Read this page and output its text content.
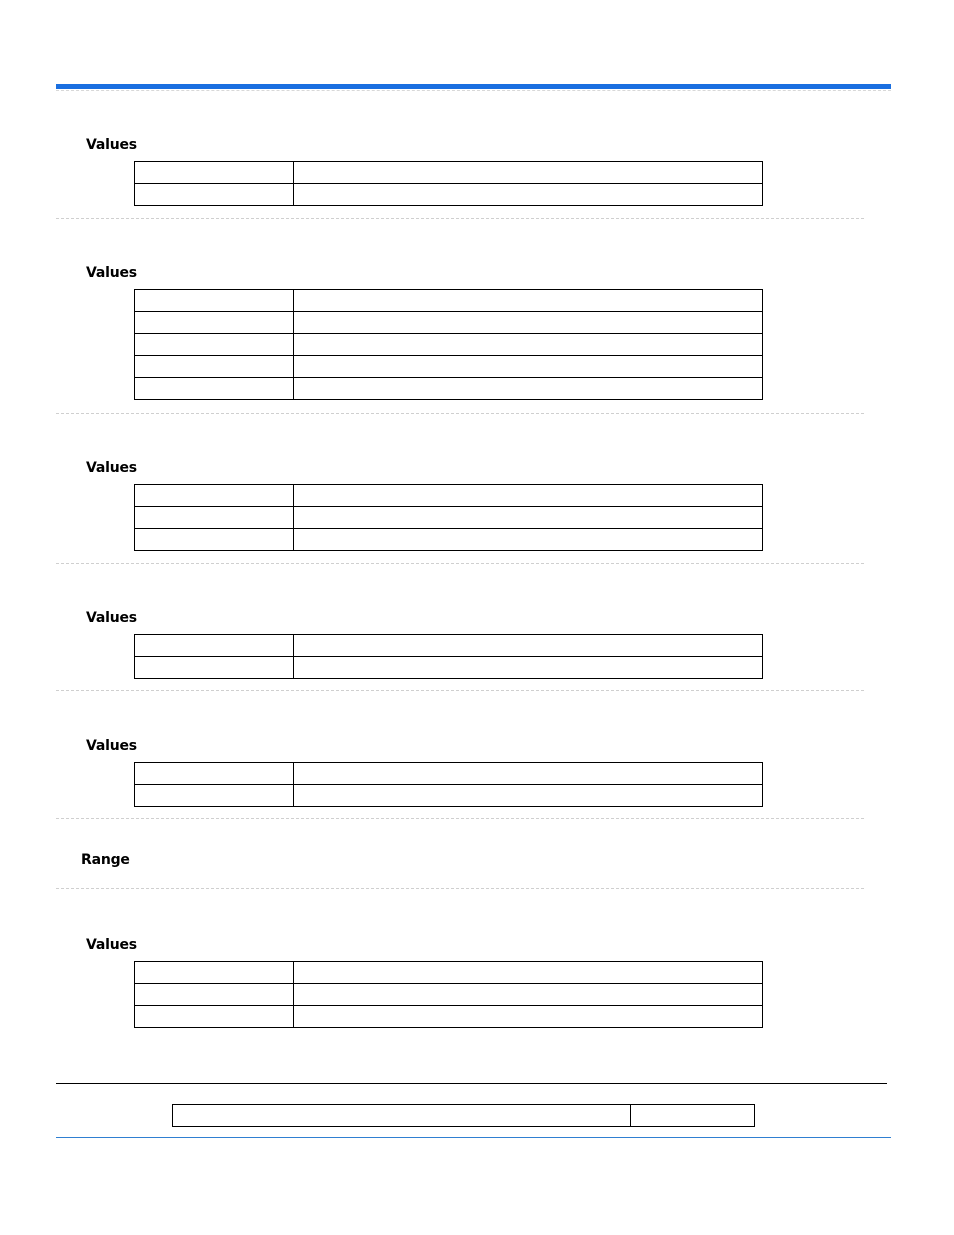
Values

Values

Values

Values

Values

Range
Values
